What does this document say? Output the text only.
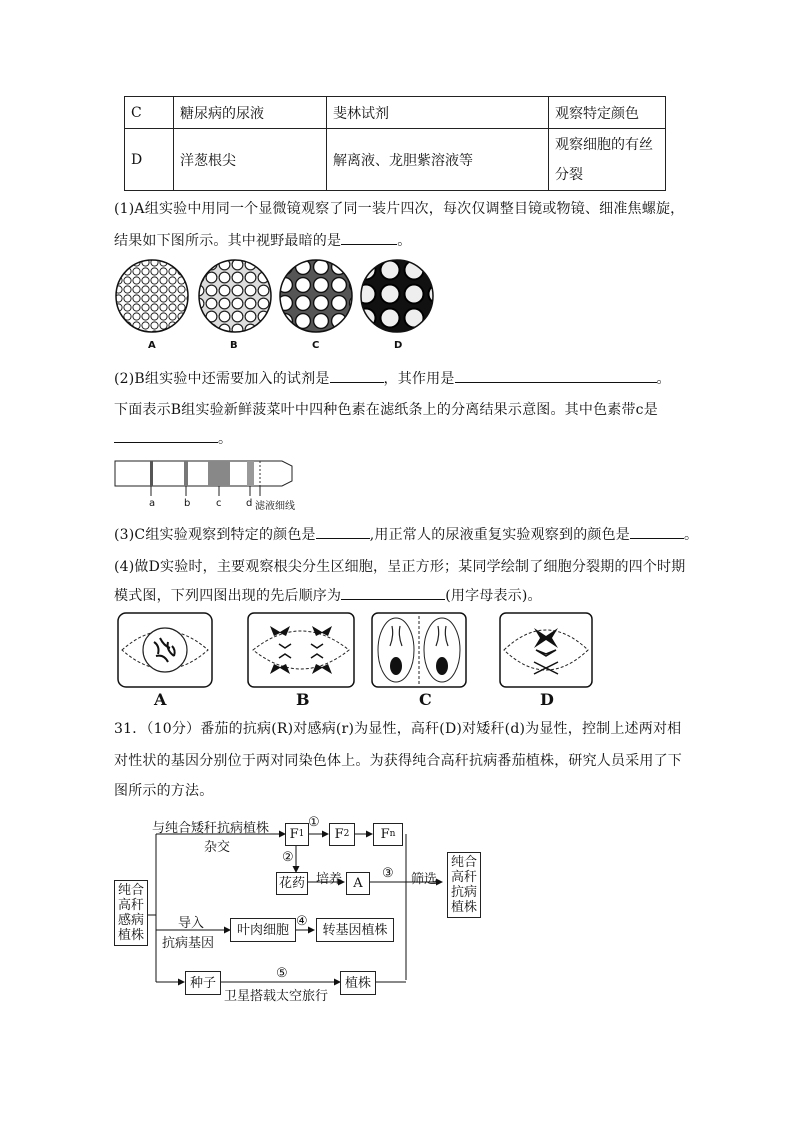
C	糖尿病的尿液	斐林试剂	观察特定颜色
D	洋葱根尖	解离液、龙胆紫溶液等	观察细胞的有丝分裂
(1)A组实验中用同一个显微镜观察了同一装片四次，每次仅调整目镜或物镜、细准焦螺旋，
结果如下图所示。其中视野最暗的是	。
A	B	C	D
(2)B组实验中还需要加入的试剂是	，其作用是	。
下面表示B组实验新鲜菠菜叶中四种色素在滤纸条上的分离结果示意图。其中色素带c是
。
a	b	c d 滤液细线
(3)C组实验观察到特定的颜色是	,用正常人的尿液重复实验观察到的颜色是	。
(4)做D实验时，主要观察根尖分生区细胞，呈正方形；某同学绘制了细胞分裂期的四个时期
模式图，下列四图出现的先后顺序为	(用字母表示)。
A	B	C	D
31．（10分）番茄的抗病(R)对感病(r)为显性，高秆(D)对矮秆(d)为显性，控制上述两对相
对性状的基因分别位于两对同染色体上。为获得纯合高秆抗病番茄植株，研究人员采用了下
图所示的方法。
纯合高秆感病植株
F 1 F 2 F n
花药	A
纯合高秆抗病植株
叶肉细胞	转基因植株
种子	植株
与纯合矮秆抗病植株
杂交
①
②
培养	③ 筛选
导入
抗病基因
④
⑤
卫星搭载太空旅行
